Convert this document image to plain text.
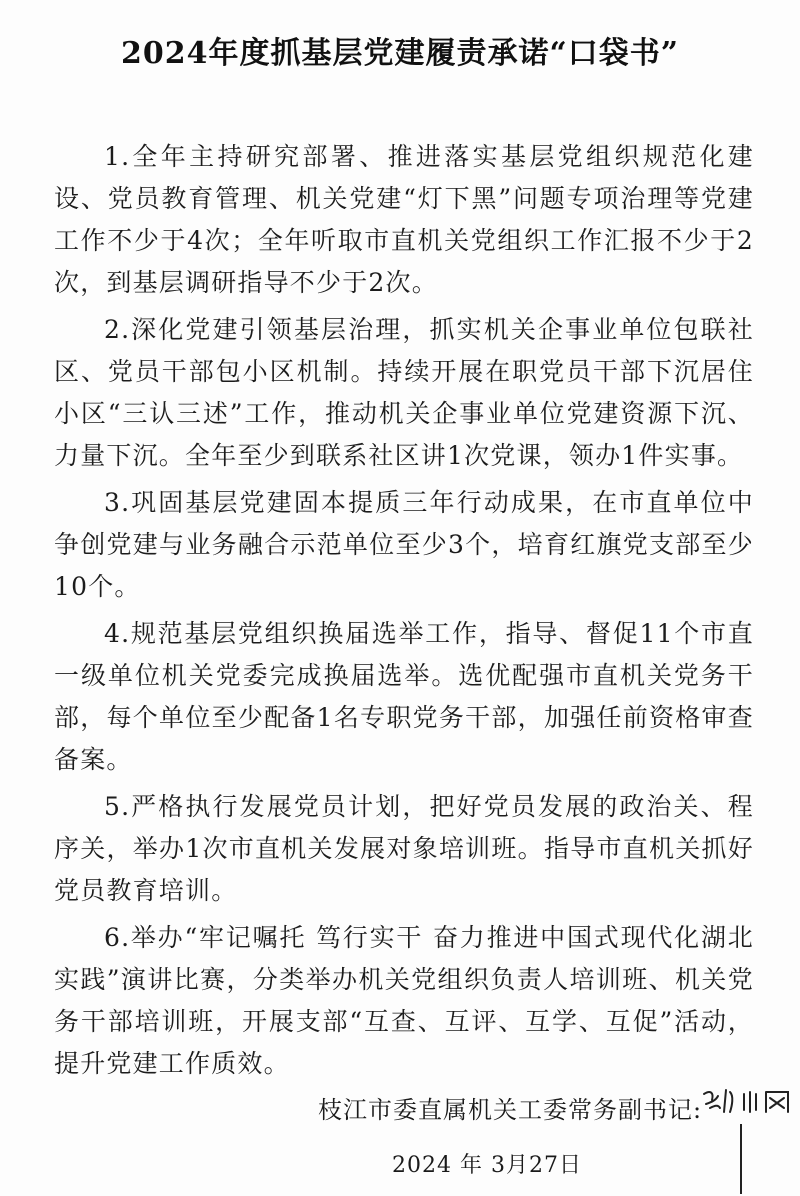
2024年度抓基层党建履责承诺“口袋书”

1.全年主持研究部署、推进落实基层党组织规范化建设、党员教育管理、机关党建“灯下黑”问题专项治理等党建工作不少于4次；全年听取市直机关党组织工作汇报不少于2次，到基层调研指导不少于2次。

2.深化党建引领基层治理，抓实机关企事业单位包联社区、党员干部包小区机制。持续开展在职党员干部下沉居住小区“三认三述”工作，推动机关企事业单位党建资源下沉、力量下沉。全年至少到联系社区讲1次党课，领办1件实事。

3.巩固基层党建固本提质三年行动成果，在市直单位中争创党建与业务融合示范单位至少3个，培育红旗党支部至少10个。

4.规范基层党组织换届选举工作，指导、督促11个市直一级单位机关党委完成换届选举。选优配强市直机关党务干部，每个单位至少配备1名专职党务干部，加强任前资格审查备案。

5.严格执行发展党员计划，把好党员发展的政治关、程序关，举办1次市直机关发展对象培训班。指导市直机关抓好党员教育培训。

6.举办“牢记嘱托 笃行实干 奋力推进中国式现代化湖北实践”演讲比赛，分类举办机关党组织负责人培训班、机关党务干部培训班，开展支部“互查、互评、互学、互促”活动，提升党建工作质效。

枝江市委直属机关工委常务副书记:
2024 年 3月27日
